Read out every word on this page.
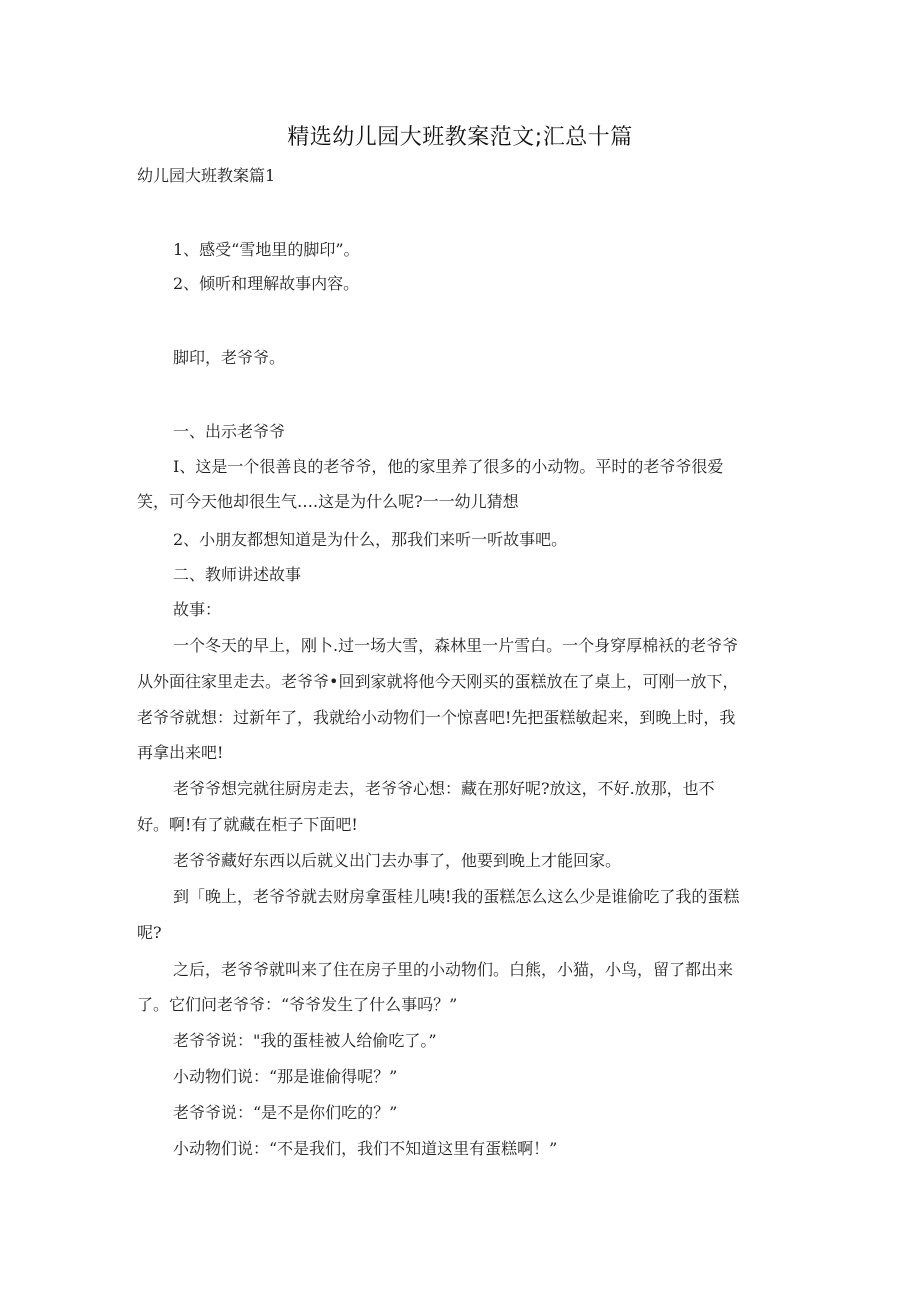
精选幼儿园大班教案范文;汇总十篇
幼儿园大班教案篇1
1、感受“雪地里的脚印”。
2、倾听和理解故事内容。
脚印，老爷爷。
一、出示老爷爷
I、这是一个很善良的老爷爷，他的家里养了很多的小动物。平时的老爷爷很爱
笑，可今天他却很生气….这是为什么呢?一一幼儿猜想
2、小朋友都想知道是为什么，那我们来听一听故事吧。
二、教师讲述故事
故事：
一个冬天的早上，刚卜.过一场大雪，森林里一片雪白。一个身穿厚棉袄的老爷爷
从外面往家里走去。老爷爷•回到家就将他今天刚买的蛋糕放在了桌上，可刚一放下，
老爷爷就想：过新年了，我就给小动物们一个惊喜吧!先把蛋糕敏起来，到晚上时，我
再拿出来吧!
老爷爷想完就往厨房走去，老爷爷心想：藏在那好呢?放这，不好.放那，也不
好。啊!有了就藏在柜子下面吧!
老爷爷藏好东西以后就义出门去办事了，他要到晚上才能回家。
到「晚上，老爷爷就去财房拿蛋桂儿咦!我的蛋糕怎么这么少是谁偷吃了我的蛋糕
呢?
之后，老爷爷就叫来了住在房子里的小动物们。白熊，小猫，小鸟，留了都出来
了。它们问老爷爷：“爷爷发生了什么事吗？”
老爷爷说："我的蛋桂被人给偷吃了。”
小动物们说：“那是谁偷得呢？”
老爷爷说：“是不是你们吃的？”
小动物们说：“不是我们，我们不知道这里有蛋糕啊！”
